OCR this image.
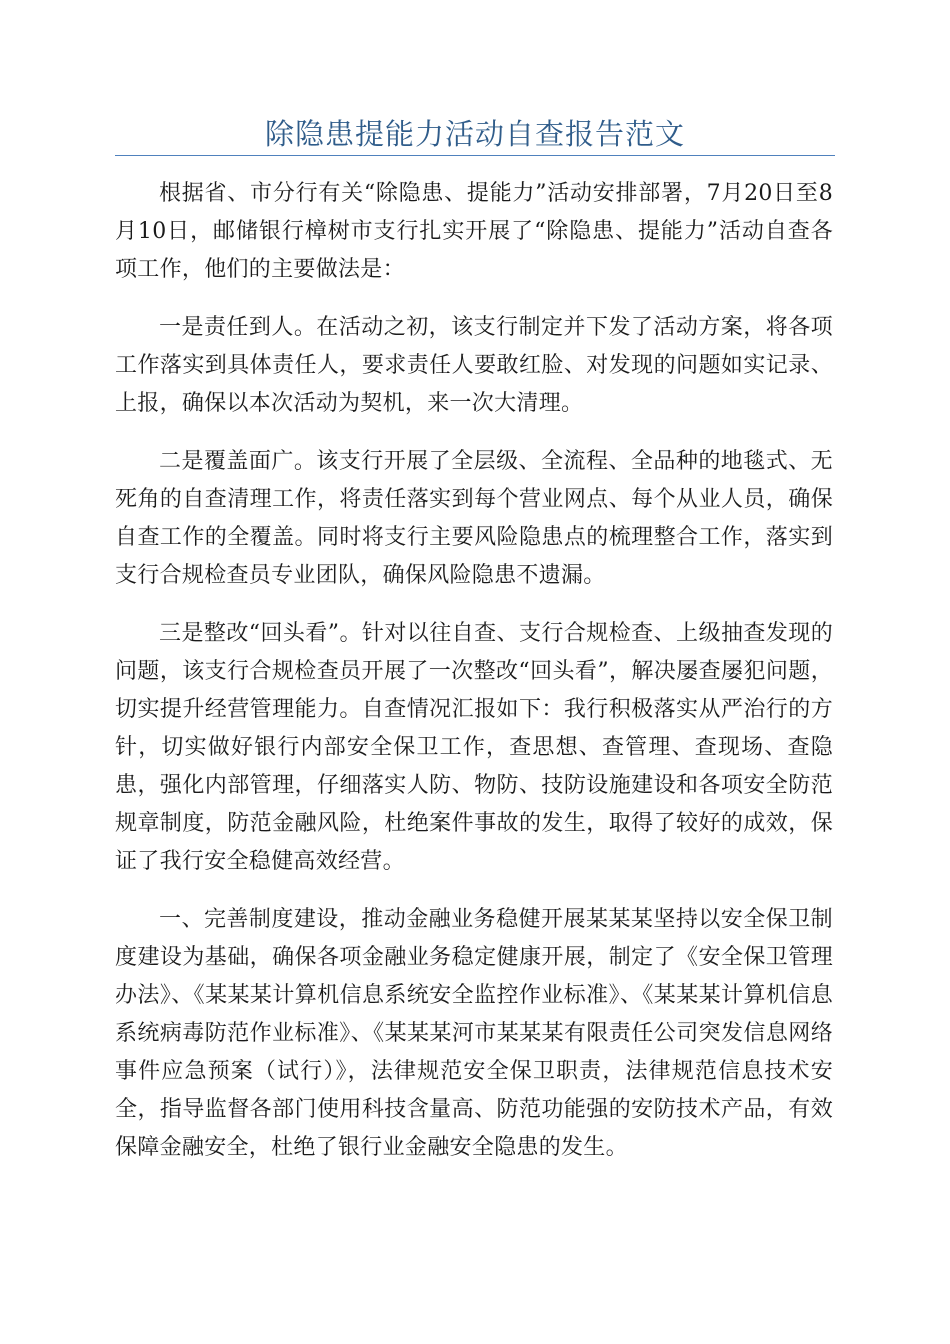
除隐患提能力活动自查报告范文

根据省、市分行有关“除隐患、提能力”活动安排部署，7月20日至8月10日，邮储银行樟树市支行扎实开展了“除隐患、提能力”活动自查各项工作，他们的主要做法是：

一是责任到人。在活动之初，该支行制定并下发了活动方案，将各项工作落实到具体责任人，要求责任人要敢红脸、对发现的问题如实记录、上报，确保以本次活动为契机，来一次大清理。

二是覆盖面广。该支行开展了全层级、全流程、全品种的地毯式、无死角的自查清理工作，将责任落实到每个营业网点、每个从业人员，确保自查工作的全覆盖。同时将支行主要风险隐患点的梳理整合工作，落实到支行合规检查员专业团队，确保风险隐患不遗漏。

三是整改“回头看”。针对以往自查、支行合规检查、上级抽查发现的问题，该支行合规检查员开展了一次整改“回头看”，解决屡查屡犯问题，切实提升经营管理能力。自查情况汇报如下：我行积极落实从严治行的方针，切实做好银行内部安全保卫工作，查思想、查管理、查现场、查隐患，强化内部管理，仔细落实人防、物防、技防设施建设和各项安全防范规章制度，防范金融风险，杜绝案件事故的发生，取得了较好的成效，保证了我行安全稳健高效经营。

一、完善制度建设，推动金融业务稳健开展某某某坚持以安全保卫制度建设为基础，确保各项金融业务稳定健康开展，制定了《安全保卫管理办法》、《某某某计算机信息系统安全监控作业标准》、《某某某计算机信息系统病毒防范作业标准》、《某某某河市某某某有限责任公司突发信息网络事件应急预案（试行）》，法律规范安全保卫职责，法律规范信息技术安全，指导监督各部门使用科技含量高、防范功能强的安防技术产品，有效保障金融安全，杜绝了银行业金融安全隐患的发生。
